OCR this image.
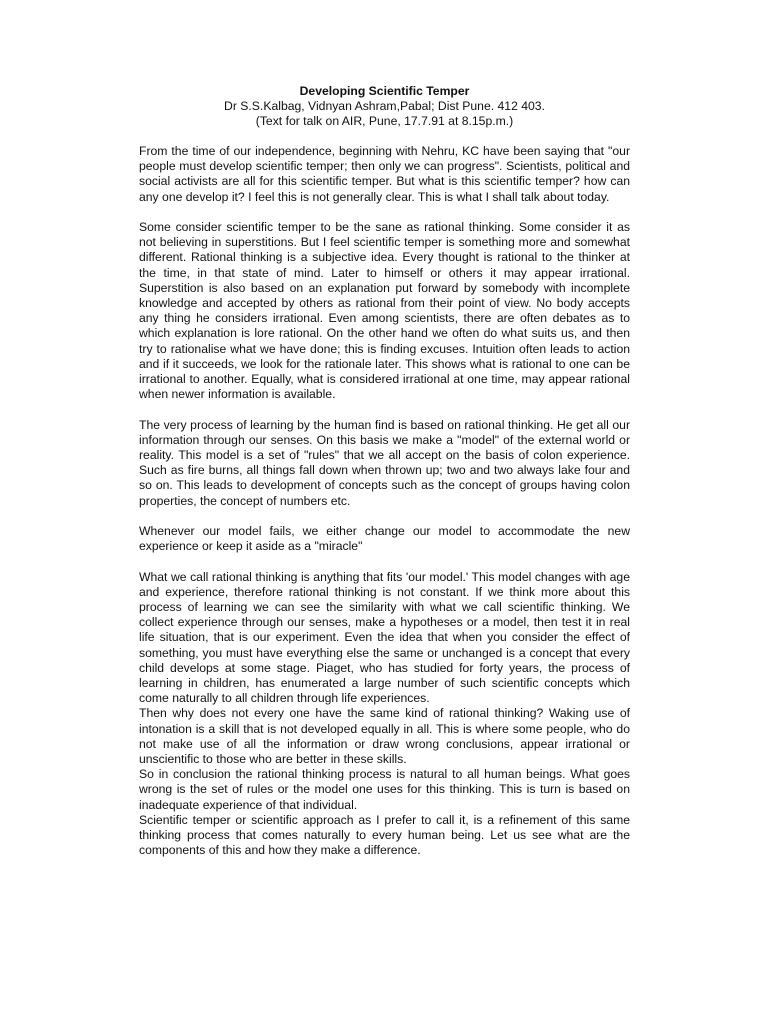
Developing Scientific Temper
Dr S.S.Kalbag, Vidnyan Ashram,Pabal; Dist Pune. 412 403.
(Text for talk on AIR, Pune, 17.7.91 at 8.15p.m.)

From the time of our independence, beginning with Nehru, KC have been saying that "our people must develop scientific temper; then only we can progress". Scientists, political and social activists are all for this scientific temper. But what is this scientific temper? how can any one develop it? I feel this is not generally clear. This is what I shall talk about today.

Some consider scientific temper to be the sane as rational thinking. Some consider it as not believing in superstitions. But I feel scientific temper is something more and somewhat different. Rational thinking is a subjective idea. Every thought is rational to the thinker at the time, in that state of mind. Later to himself or others it may appear irrational. Superstition is also based on an explanation put forward by somebody with incomplete knowledge and accepted by others as rational from their point of view. No body accepts any thing he considers irrational. Even among scientists, there are often debates as to which explanation is lore rational. On the other hand we often do what suits us, and then try to rationalise what we have done; this is finding excuses. Intuition often leads to action and if it succeeds, we look for the rationale later. This shows what is rational to one can be irrational to another. Equally, what is considered irrational at one time, may appear rational when newer information is available.

The very process of learning by the human find is based on rational thinking. He get all our information through our senses. On this basis we make a "model" of the external world or reality. This model is a set of "rules" that we all accept on the basis of colon experience. Such as fire burns, all things fall down when thrown up; two and two always lake four and so on. This leads to development of concepts such as the concept of groups having colon properties, the concept of numbers etc.

Whenever our model fails, we either change our model to accommodate the new experience or keep it aside as a "miracle"

What we call rational thinking is anything that fits 'our model.' This model changes with age and experience, therefore rational thinking is not constant. If we think more about this process of learning we can see the similarity with what we call scientific thinking. We collect experience through our senses, make a hypotheses or a model, then test it in real life situation, that is our experiment. Even the idea that when you consider the effect of something, you must have everything else the same or unchanged is a concept that every child develops at some stage. Piaget, who has studied for forty years, the process of learning in children, has enumerated a large number of such scientific concepts which come naturally to all children through life experiences.

Then why does not every one have the same kind of rational thinking? Waking use of intonation is a skill that is not developed equally in all. This is where some people, who do not make use of all the information or draw wrong conclusions, appear irrational or unscientific to those who are better in these skills.

So in conclusion the rational thinking process is natural to all human beings. What goes wrong is the set of rules or the model one uses for this thinking. This is turn is based on inadequate experience of that individual.

Scientific temper or scientific approach as I prefer to call it, is a refinement of this same thinking process that comes naturally to every human being. Let us see what are the components of this and how they make a difference.
